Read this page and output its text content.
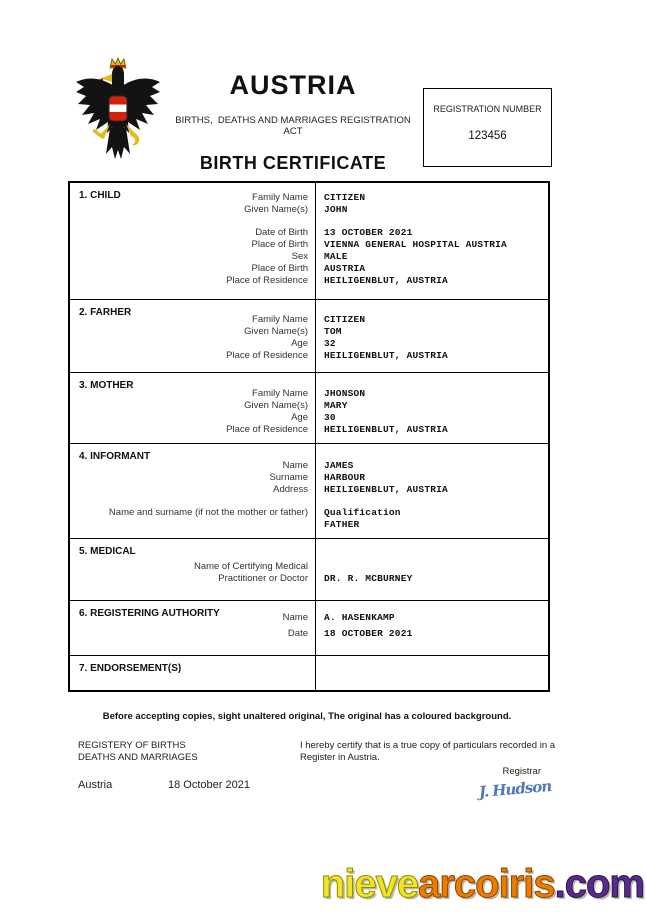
AUSTRIA
BIRTHS,  DEATHS AND MARRIAGES REGISTRATION ACT
BIRTH CERTIFICATE
REGISTRATION NUMBER
123456
1. CHILD	Family Name	CITIZEN
Given Name(s)	JOHN
Date of Birth	13 OCTOBER 2021
Place of Birth	VIENNA GENERAL HOSPITAL AUSTRIA
Sex	MALE
Place of Birth	AUSTRIA
Place of Residence	HEILIGENBLUT, AUSTRIA
2. FARHER
Family Name	CITIZEN
Given Name(s)	TOM
Age	32
Place of Residence	HEILIGENBLUT, AUSTRIA
3. MOTHER
Family Name	JHONSON
Given Name(s)	MARY
Age	30
Place of Residence	HEILIGENBLUT, AUSTRIA
4. INFORMANT
Name	JAMES
Surname	HARBOUR
Address	HEILIGENBLUT, AUSTRIA
Name and surname (if not the mother or father)	Qualification
FATHER
5. MEDICAL
Name of Certifying Medical
Practitioner or Doctor	DR. R. MCBURNEY
6. REGISTERING AUTHORITY	Name	A. HASENKAMP
Date	18 OCTOBER 2021
7. ENDORSEMENT(S)
Before accepting copies, sight unaltered original, The original has a coloured background.
REGISTERY OF BIRTHS
DEATHS AND MARRIAGES
I hereby certify that is a true copy of particulars recorded in a Register in Austria.
Registrar
Austria	18 October 2021	J. Hudson
nievearcoiris.com
